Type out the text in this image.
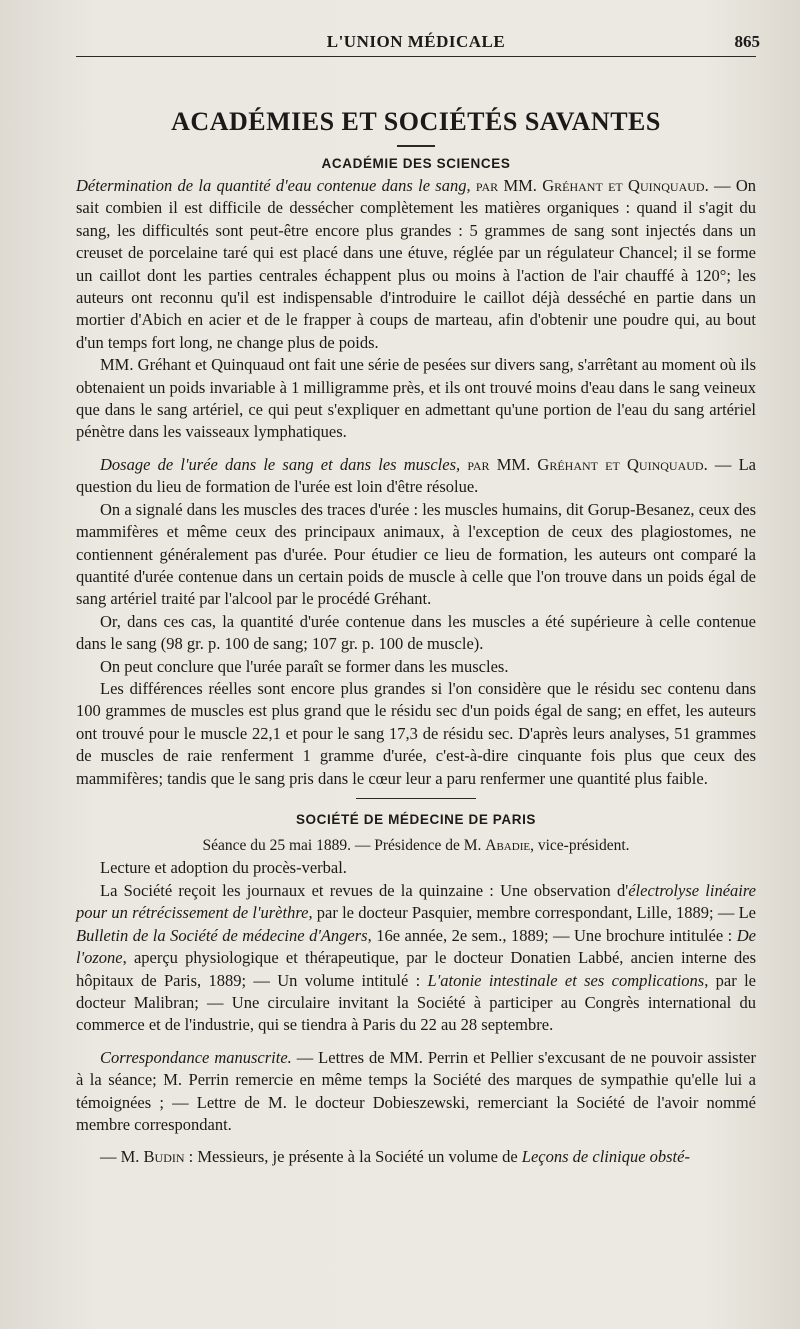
L'UNION MÉDICALE	865
ACADÉMIES ET SOCIÉTÉS SAVANTES
ACADÉMIE DES SCIENCES

Détermination de la quantité d'eau contenue dans le sang, par MM. Gréhant et Quinquaud. — On sait combien il est difficile de dessécher complètement les matières organiques : quand il s'agit du sang, les difficultés sont peut-être encore plus grandes : 5 grammes de sang sont injectés dans un creuset de porcelaine taré qui est placé dans une étuve, réglée par un régulateur Chancel; il se forme un caillot dont les parties centrales échappent plus ou moins à l'action de l'air chauffé à 120°; les auteurs ont reconnu qu'il est indispensable d'introduire le caillot déjà desséché en partie dans un mortier d'Abich en acier et de le frapper à coups de marteau, afin d'obtenir une poudre qui, au bout d'un temps fort long, ne change plus de poids.

MM. Gréhant et Quinquaud ont fait une série de pesées sur divers sang, s'arrêtant au moment où ils obtenaient un poids invariable à 1 milligramme près, et ils ont trouvé moins d'eau dans le sang veineux que dans le sang artériel, ce qui peut s'expliquer en admettant qu'une portion de l'eau du sang artériel pénètre dans les vaisseaux lymphatiques.

Dosage de l'urée dans le sang et dans les muscles, par MM. Gréhant et Quinquaud. — La question du lieu de formation de l'urée est loin d'être résolue.

On a signalé dans les muscles des traces d'urée : les muscles humains, dit Gorup-Besanez, ceux des mammifères et même ceux des principaux animaux, à l'exception de ceux des plagiostomes, ne contiennent généralement pas d'urée. Pour étudier ce lieu de formation, les auteurs ont comparé la quantité d'urée contenue dans un certain poids de muscle à celle que l'on trouve dans un poids égal de sang artériel traité par l'alcool par le procédé Gréhant.

Or, dans ces cas, la quantité d'urée contenue dans les muscles a été supérieure à celle contenue dans le sang (98 gr. p. 100 de sang; 107 gr. p. 100 de muscle).

On peut conclure que l'urée paraît se former dans les muscles.

Les différences réelles sont encore plus grandes si l'on considère que le résidu sec contenu dans 100 grammes de muscles est plus grand que le résidu sec d'un poids égal de sang; en effet, les auteurs ont trouvé pour le muscle 22,1 et pour le sang 17,3 de résidu sec. D'après leurs analyses, 51 grammes de muscles de raie renferment 1 gramme d'urée, c'est-à-dire cinquante fois plus que ceux des mammifères; tandis que le sang pris dans le cœur leur a paru renfermer une quantité plus faible.

SOCIÉTÉ DE MÉDECINE DE PARIS
Séance du 25 mai 1889. — Présidence de M. Abadie, vice-président.

Lecture et adoption du procès-verbal.

La Société reçoit les journaux et revues de la quinzaine : Une observation d'électrolyse linéaire pour un rétrécissement de l'urèthre, par le docteur Pasquier, membre correspondant, Lille, 1889; — Le Bulletin de la Société de médecine d'Angers, 16e année, 2e sem., 1889; — Une brochure intitulée : De l'ozone, aperçu physiologique et thérapeutique, par le docteur Donatien Labbé, ancien interne des hôpitaux de Paris, 1889; — Un volume intitulé : L'atonie intestinale et ses complications, par le docteur Malibran; — Une circulaire invitant la Société à participer au Congrès international du commerce et de l'industrie, qui se tiendra à Paris du 22 au 28 septembre.

Correspondance manuscrite. — Lettres de MM. Perrin et Pellier s'excusant de ne pouvoir assister à la séance; M. Perrin remercie en même temps la Société des marques de sympathie qu'elle lui a témoignées ; — Lettre de M. le docteur Dobieszewski, remerciant la Société de l'avoir nommé membre correspondant.

— M. Budin : Messieurs, je présente à la Société un volume de Leçons de clinique obsté-
